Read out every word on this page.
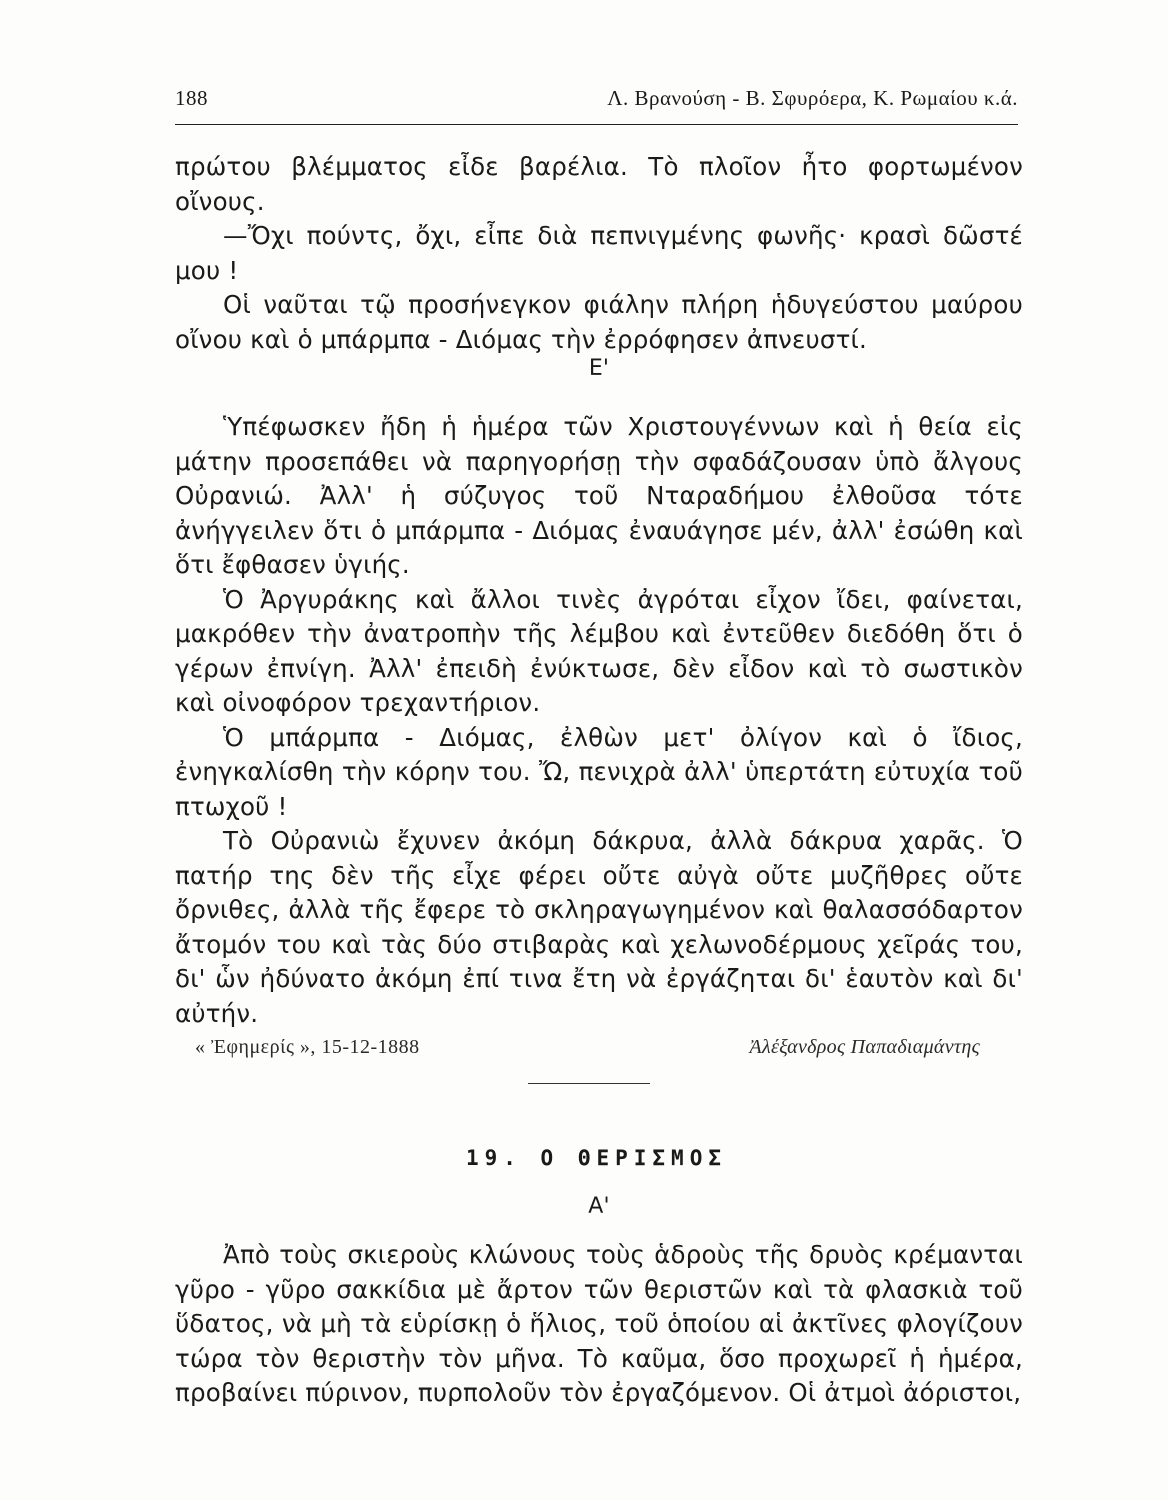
188	Λ. Βρανούση - Β. Σφυρόερα, Κ. Ρωμαίου κ.ά.

πρώτου βλέμματος εἶδε βαρέλια. Τὸ πλοῖον ἦτο φορτωμένον οἴνους.

—Ὄχι πούντς, ὄχι, εἶπε διὰ πεπνιγμένης φωνῆς· κρασὶ δῶστέ μου !

Οἱ ναῦται τῷ προσήνεγκον φιάλην πλήρη ἡδυγεύστου μαύρου οἴνου καὶ ὁ μπάρμπα - Διόμας τὴν ἐρρόφησεν ἀπνευστί.

Ε'

Ὑπέφωσκεν ἤδη ἡ ἡμέρα τῶν Χριστουγέννων καὶ ἡ θεία εἰς μάτην προσεπάθει νὰ παρηγορήσῃ τὴν σφαδάζουσαν ὑπὸ ἄλγους Οὐρανιώ. Ἀλλ' ἡ σύζυγος τοῦ Νταραδήμου ἐλθοῦσα τότε ἀνήγγειλεν ὅτι ὁ μπάρμπα - Διόμας ἐναυάγησε μέν, ἀλλ' ἐσώθη καὶ ὅτι ἔφθασεν ὑγιής.

Ὁ Ἀργυράκης καὶ ἄλλοι τινὲς ἀγρόται εἶχον ἴδει, φαίνεται, μακρόθεν τὴν ἀνατροπὴν τῆς λέμβου καὶ ἐντεῦθεν διεδόθη ὅτι ὁ γέρων ἐπνίγη. Ἀλλ' ἐπειδὴ ἐνύκτωσε, δὲν εἶδον καὶ τὸ σωστικὸν καὶ οἰνοφόρον τρεχαντήριον.

Ὁ μπάρμπα - Διόμας, ἐλθὼν μετ' ὀλίγον καὶ ὁ ἴδιος, ἐνηγκαλίσθη τὴν κόρην του. Ὤ, πενιχρὰ ἀλλ' ὑπερτάτη εὐτυχία τοῦ πτωχοῦ !

Τὸ Οὐρανιὼ ἔχυνεν ἀκόμη δάκρυα, ἀλλὰ δάκρυα χαρᾶς. Ὁ πατήρ της δὲν τῆς εἶχε φέρει οὔτε αὐγὰ οὔτε μυζῆθρες οὔτε ὄρνιθες, ἀλλὰ τῆς ἔφερε τὸ σκληραγωγημένον καὶ θαλασσόδαρτον ἄτομόν του καὶ τὰς δύο στιβαρὰς καὶ χελωνοδέρμους χεῖράς του, δι' ὧν ἠδύνατο ἀκόμη ἐπί τινα ἔτη νὰ ἐργάζηται δι' ἑαυτὸν καὶ δι' αὐτήν.

« Ἐφημερίς », 15-12-1888	Ἀλέξανδρος Παπαδιαμάντης
19. Ο ΘΕΡΙΣΜΟΣ

Α'

Ἀπὸ τοὺς σκιεροὺς κλώνους τοὺς ἁδροὺς τῆς δρυὸς κρέμανται γῦρο - γῦρο σακκίδια μὲ ἄρτον τῶν θεριστῶν καὶ τὰ φλασκιὰ τοῦ ὕδατος, νὰ μὴ τὰ εὑρίσκῃ ὁ ἥλιος, τοῦ ὁποίου αἱ ἀκτῖνες φλογίζουν τώρα τὸν θεριστὴν τὸν μῆνα. Τὸ καῦμα, ὅσο προχωρεῖ ἡ ἡμέρα, προβαίνει πύρινον, πυρπολοῦν τὸν ἐργαζόμενον. Οἱ ἀτμοὶ ἀόριστοι,
